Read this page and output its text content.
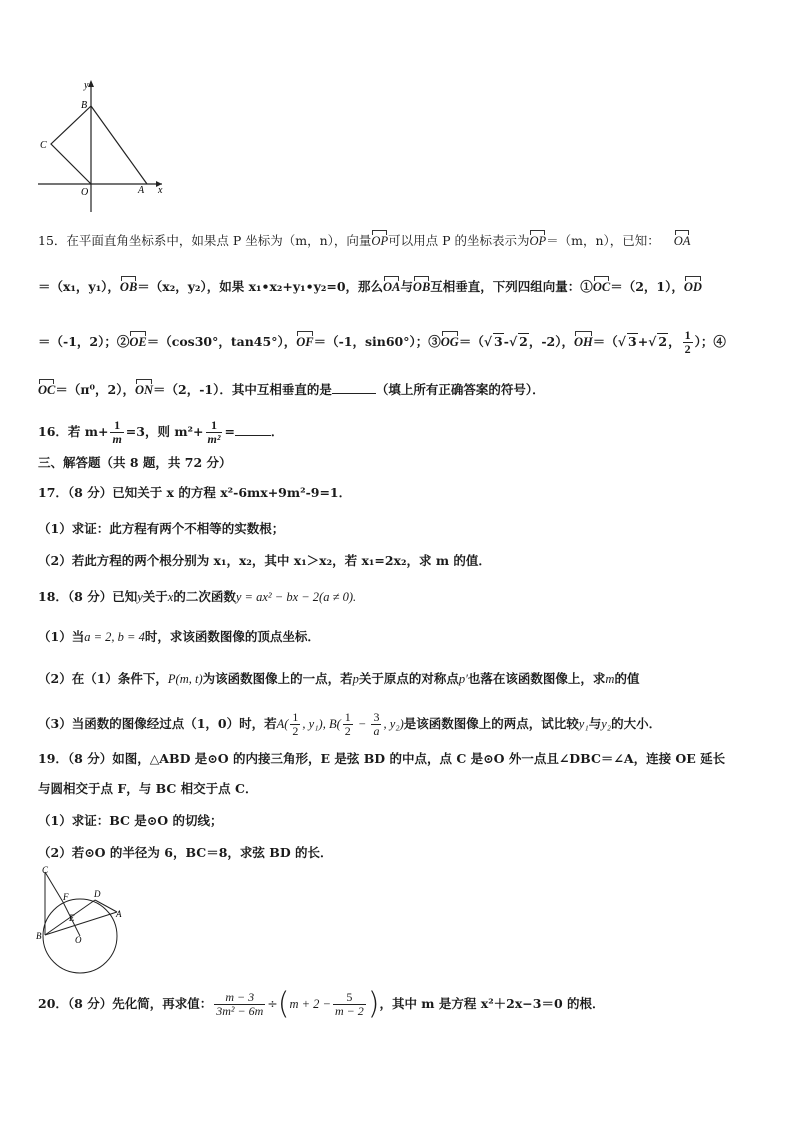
y
B
C
O	A x
15．在平面直角坐标系中，如果点 P 坐标为（m，n），向量OP可以用点 P 的坐标表示为OP＝（m，n），已知： OA
＝（x₁，y₁），OB＝（x₂，y₂），如果 x₁•x₂+y₁•y₂=0，那么OA与OB互相垂直，下列四组向量：①OC＝（2，1），OD
＝（-1，2）；②OE＝（cos30°，tan45°），OF＝（-1，sin60°）；③OG＝（√ 3-√ 2，-2），OH＝（√ 3+√ 2， $\frac{1}{2}$ ）；④
OC＝（π⁰，2），ON＝（2，-1）．其中互相垂直的是	（填上所有正确答案的符号）．
16．若 $m+ \frac{1}{m} =3$，则 $m^2+ \frac{1}{\text{m²}}$ =	．
三、解答题（共 8 题，共 72 分）
17．（8 分）已知关于 x 的方程 x²-6mx+9m²-9=1．
（1）求证：此方程有两个不相等的实数根；
（2）若此方程的两个根分别为 x₁，x₂，其中 x₁＞x₂，若 x₁=2x₂，求 m 的值．
18．（8 分）已知y关于x的二次函数y = ax² − bx − 2(a ≠ 0).
（1）当a = 2, b = 4时，求该函数图像的顶点坐标．
（2）在（1）条件下，P(m, t)为该函数图像上的一点，若p关于原点的对称点p′也落在该函数图像上，求m的值
（3）当函数的图像经过点（1，0）时，若$A( \frac{1}{2}$ , y₁), $B( \frac{1}{2} - \frac{3}{a}$ , y₂)是该函数图像上的两点，试比较y₁与y₂的大小．
19．（8 分）如图，△ABD 是⊙O 的内接三角形，E 是弦 BD 的中点，点 C 是⊙O 外一点且∠DBC＝∠A，连接 OE 延长
与圆相交于点 F，与 BC 相交于点 C．
（1）求证：BC 是⊙O 的切线；
（2）若⊙O 的半径为 6，BC＝8，求弦 BD 的长．
C
F	D
E	A
B	O
20．（8 分）先化简，再求值： $\frac{m - 3}{\text{3m² − 6m}} \div(m + 2 - \frac{5}{m - 2}$ )，其中 m 是方程 x²＋2x−3＝0 的根．
